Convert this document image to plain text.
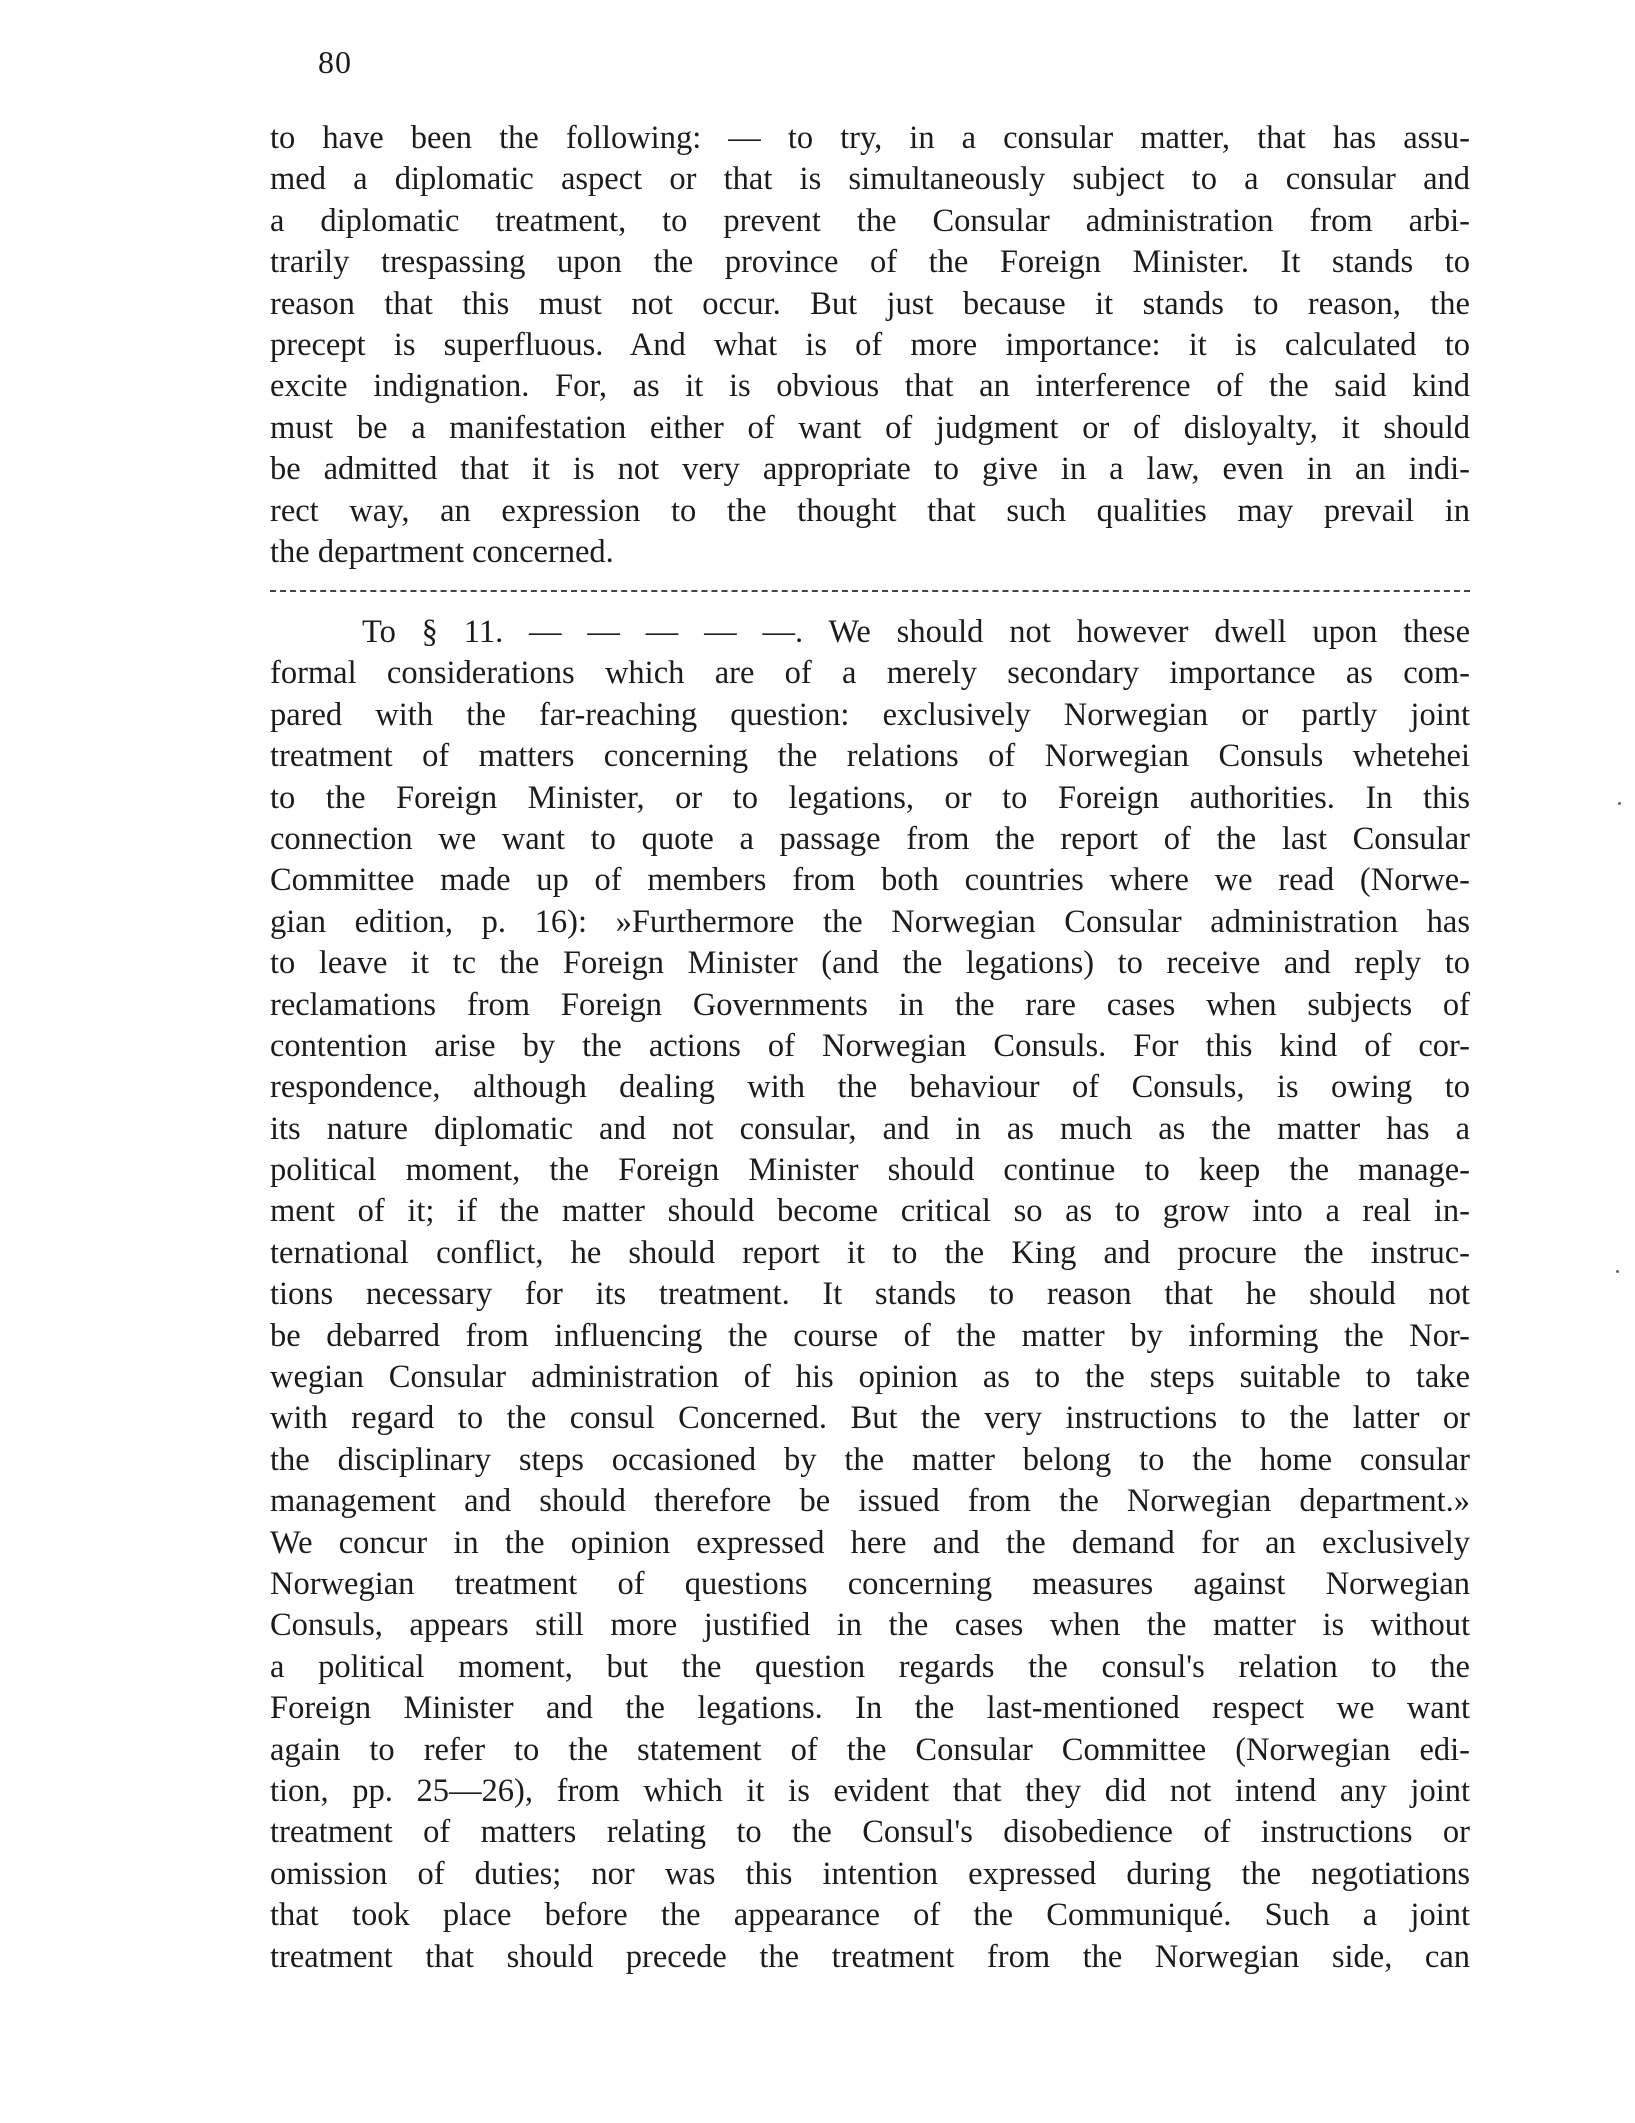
80
to have been the following: — to try, in a consular matter, that has assu-
med a diplomatic aspect or that is simultaneously subject to a consular and
a diplomatic treatment, to prevent the Consular administration from arbi-
trarily trespassing upon the province of the Foreign Minister. It stands to
reason that this must not occur. But just because it stands to reason, the
precept is superfluous. And what is of more importance: it is calculated to
excite indignation. For, as it is obvious that an interference of the said kind
must be a manifestation either of want of judgment or of disloyalty, it should
be admitted that it is not very appropriate to give in a law, even in an indi-
rect way, an expression to the thought that such qualities may prevail in
the department concerned.
To § 11. — — — — —. We should not however dwell upon these
formal considerations which are of a merely secondary importance as com-
pared with the far-reaching question: exclusively Norwegian or partly joint
treatment of matters concerning the relations of Norwegian Consuls whetehei
to the Foreign Minister, or to legations, or to Foreign authorities. In this
connection we want to quote a passage from the report of the last Consular
Committee made up of members from both countries where we read (Norwe-
gian edition, p. 16): »Furthermore the Norwegian Consular administration has
to leave it tc the Foreign Minister (and the legations) to receive and reply to
reclamations from Foreign Governments in the rare cases when subjects of
contention arise by the actions of Norwegian Consuls. For this kind of cor-
respondence, although dealing with the behaviour of Consuls, is owing to
its nature diplomatic and not consular, and in as much as the matter has a
political moment, the Foreign Minister should continue to keep the manage-
ment of it; if the matter should become critical so as to grow into a real in-
ternational conflict, he should report it to the King and procure the instruc-
tions necessary for its treatment. It stands to reason that he should not
be debarred from influencing the course of the matter by informing the Nor-
wegian Consular administration of his opinion as to the steps suitable to take
with regard to the consul Concerned. But the very instructions to the latter or
the disciplinary steps occasioned by the matter belong to the home consular
management and should therefore be issued from the Norwegian department.»
We concur in the opinion expressed here and the demand for an exclusively
Norwegian treatment of questions concerning measures against Norwegian
Consuls, appears still more justified in the cases when the matter is without
a political moment, but the question regards the consul's relation to the
Foreign Minister and the legations. In the last-mentioned respect we want
again to refer to the statement of the Consular Committee (Norwegian edi-
tion, pp. 25—26), from which it is evident that they did not intend any joint
treatment of matters relating to the Consul's disobedience of instructions or
omission of duties; nor was this intention expressed during the negotiations
that took place before the appearance of the Communiqué. Such a joint
treatment that should precede the treatment from the Norwegian side, can
